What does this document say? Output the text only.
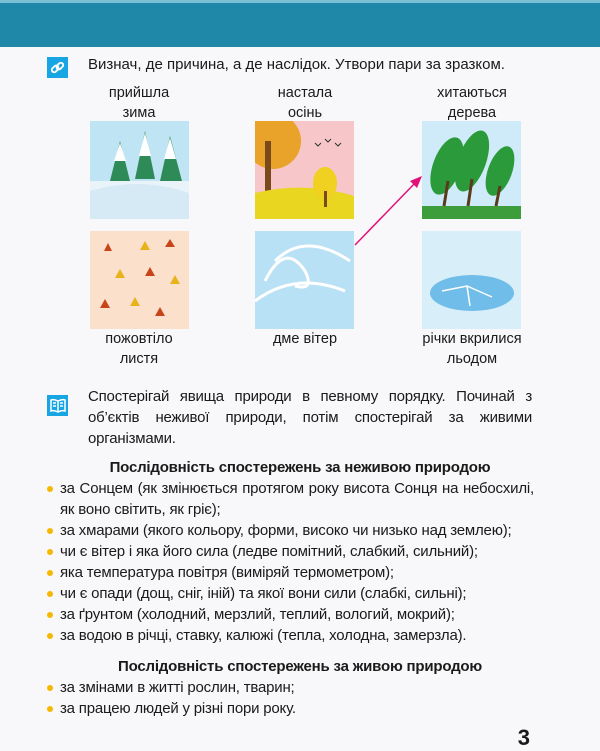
Визнач, де причина, а де наслідок. Утвори пари за зразком.
прийшла
зима
настала
осінь
хитаються
дерева
пожовтіло
листя
дме вітер	річки вкрилися
льодом
Спостерігай явища природи в певному порядку. Починай з об’єктів неживої природи, потім спостерігай за живими організмами.
Послідовність спостережень за неживою природою
за Сонцем (як змінюється протягом року висота Сонця на небосхилі, як воно світить, як гріє);
за хмарами (якого кольору, форми, високо чи низько над землею);
чи є вітер і яка його сила (ледве помітний, слабкий, сильний);
яка температура повітря (виміряй термометром);
чи є опади (дощ, сніг, іній) та якої вони сили (слабкі, сильні);
за ґрунтом (холодний, мерзлий, теплий, вологий, мокрий);
за водою в річці, ставку, калюжі (тепла, холодна, замерзла).
Послідовність спостережень за живою природою
за змінами в житті рослин, тварин;
за працею людей у різні пори року.
3
